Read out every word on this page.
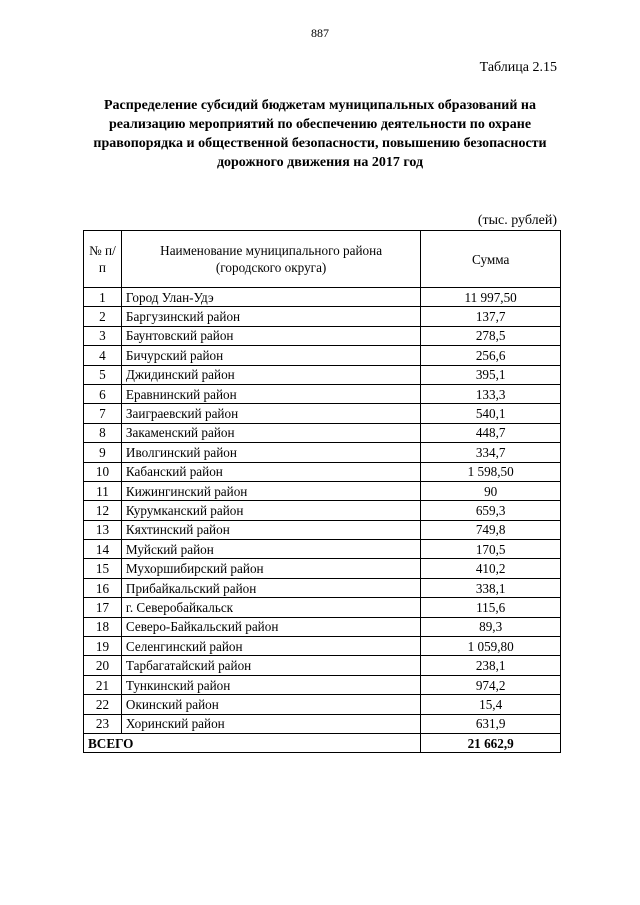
887
Таблица 2.15
Распределение субсидий бюджетам муниципальных образований на реализацию мероприятий по обеспечению деятельности по охране правопорядка и общественной безопасности, повышению безопасности дорожного движения на 2017 год
(тыс. рублей)
№ п/п	Наименование муниципального района (городского округа)	Сумма
1	Город Улан-Удэ	11 997,50
2	Баргузинский район	137,7
3	Баунтовский район	278,5
4	Бичурский район	256,6
5	Джидинский район	395,1
6	Еравнинский район	133,3
7	Заиграевский район	540,1
8	Закаменский район	448,7
9	Иволгинский район	334,7
10	Кабанский район	1 598,50
11	Кижингинский район	90
12	Курумканский район	659,3
13	Кяхтинский район	749,8
14	Муйский район	170,5
15	Мухоршибирский район	410,2
16	Прибайкальский район	338,1
17	г. Северобайкальск	115,6
18	Северо-Байкальский район	89,3
19	Селенгинский район	1 059,80
20	Тарбагатайский район	238,1
21	Тункинский район	974,2
22	Окинский район	15,4
23	Хоринский район	631,9
ВСЕГО		21 662,9
